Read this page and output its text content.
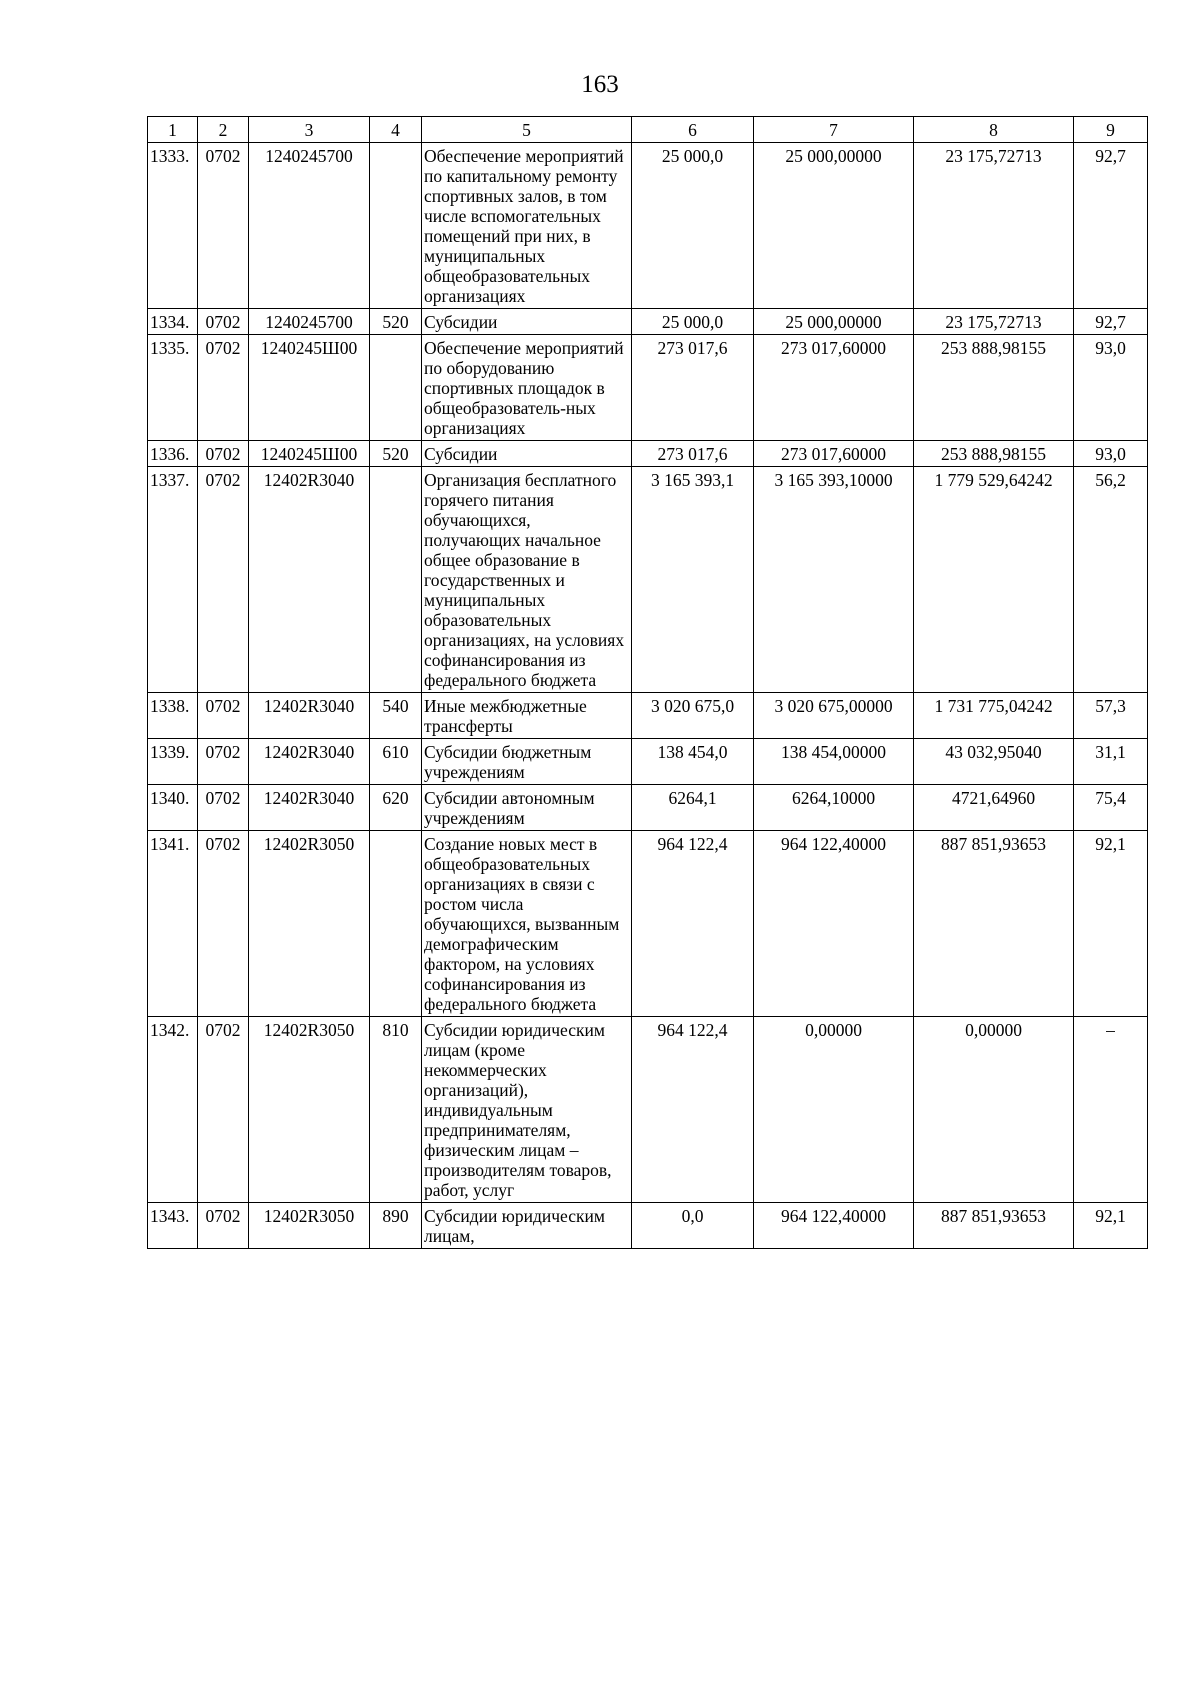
163
1	2	3	4	5	6	7	8	9
1333.	0702	1240245700		Обеспечение мероприятий по капитальному ремонту спортивных залов, в том числе вспомогательных помещений при них, в муниципальных общеобразовательных организациях	25 000,0	25 000,00000	23 175,72713	92,7
1334.	0702	1240245700	520	Субсидии	25 000,0	25 000,00000	23 175,72713	92,7
1335.	0702	1240245Ш00		Обеспечение мероприятий по оборудованию спортивных площадок в общеобразователь-ных организациях	273 017,6	273 017,60000	253 888,98155	93,0
1336.	0702	1240245Ш00	520	Субсидии	273 017,6	273 017,60000	253 888,98155	93,0
1337.	0702	12402R3040		Организация бесплатного горячего питания обучающихся, получающих начальное общее образование в государственных и муниципальных образовательных организациях, на условиях софинансирования из федерального бюджета	3 165 393,1	3 165 393,10000	1 779 529,64242	56,2
1338.	0702	12402R3040	540	Иные межбюджетные трансферты	3 020 675,0	3 020 675,00000	1 731 775,04242	57,3
1339.	0702	12402R3040	610	Субсидии бюджетным учреждениям	138 454,0	138 454,00000	43 032,95040	31,1
1340.	0702	12402R3040	620	Субсидии автономным учреждениям	6264,1	6264,10000	4721,64960	75,4
1341.	0702	12402R3050		Создание новых мест в общеобразовательных организациях в связи с ростом числа обучающихся, вызванным демографическим фактором, на условиях софинансирования из федерального бюджета	964 122,4	964 122,40000	887 851,93653	92,1
1342.	0702	12402R3050	810	Субсидии юридическим лицам (кроме некоммерческих организаций), индивидуальным предпринимателям, физическим лицам – производителям товаров, работ, услуг	964 122,4	0,00000	0,00000	–
1343.	0702	12402R3050	890	Субсидии юридическим лицам,	0,0	964 122,40000	887 851,93653	92,1
